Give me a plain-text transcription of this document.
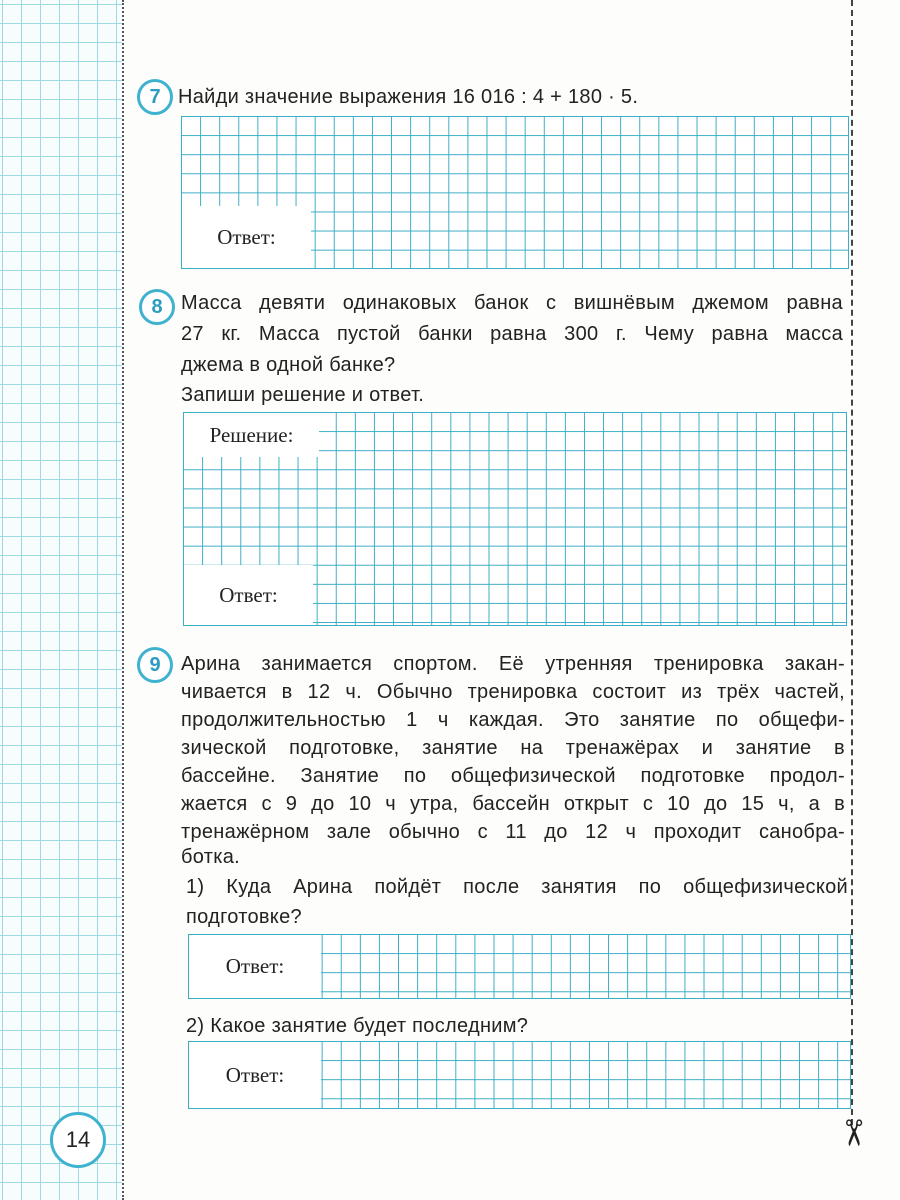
7 Найди значение выражения 16 016 : 4 + 180 · 5.
Ответ:
8 Масса девяти одинаковых банок с вишнёвым джемом равна
27 кг. Масса пустой банки равна 300 г. Чему равна масса
джема в одной банке?
Запиши решение и ответ.
Решение:
Ответ:
9	Арина занимается спортом. Её утренняя тренировка закан-
чивается в 12 ч. Обычно тренировка состоит из трёх частей,
продолжительностью 1 ч каждая. Это занятие по общефи-
зической подготовке, занятие на тренажёрах и занятие в
бассейне. Занятие по общефизической подготовке продол-
жается с 9 до 10 ч утра, бассейн открыт с 10 до 15 ч, а в
тренажёрном зале обычно с 11 до 12 ч проходит санобра-
ботка.
1) Куда Арина пойдёт после занятия по общефизической
подготовке?
Ответ:
2) Какое занятие будет последним?
Ответ:
14	✂
